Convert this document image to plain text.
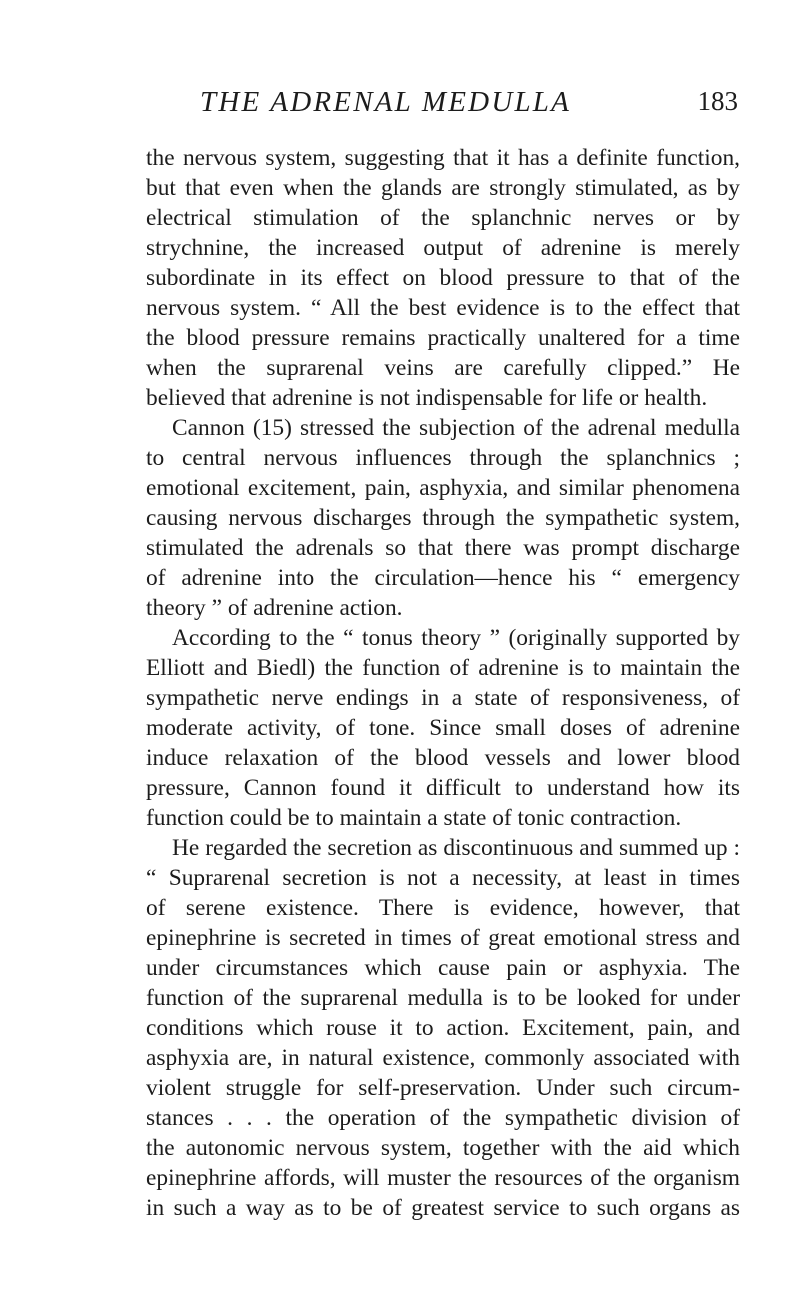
THE ADRENAL MEDULLA	183
the nervous system, suggesting that it has a definite function,
but that even when the glands are strongly stimulated, as by
electrical stimulation of the splanchnic nerves or by
strychnine, the increased output of adrenine is merely
subordinate in its effect on blood pressure to that of the
nervous system. “ All the best evidence is to the effect that
the blood pressure remains practically unaltered for a time
when the suprarenal veins are carefully clipped.” He
believed that adrenine is not indispensable for life or health.
Cannon (15) stressed the subjection of the adrenal medulla
to central nervous influences through the splanchnics ;
emotional excitement, pain, asphyxia, and similar phenomena
causing nervous discharges through the sympathetic system,
stimulated the adrenals so that there was prompt discharge
of adrenine into the circulation—hence his “ emergency
theory ” of adrenine action.
According to the “ tonus theory ” (originally supported by
Elliott and Biedl) the function of adrenine is to maintain the
sympathetic nerve endings in a state of responsiveness, of
moderate activity, of tone. Since small doses of adrenine
induce relaxation of the blood vessels and lower blood
pressure, Cannon found it difficult to understand how its
function could be to maintain a state of tonic contraction.
He regarded the secretion as discontinuous and summed up :
“ Suprarenal secretion is not a necessity, at least in times
of serene existence. There is evidence, however, that
epinephrine is secreted in times of great emotional stress and
under circumstances which cause pain or asphyxia. The
function of the suprarenal medulla is to be looked for under
conditions which rouse it to action. Excitement, pain, and
asphyxia are, in natural existence, commonly associated with
violent struggle for self-preservation. Under such circum-
stances . . . the operation of the sympathetic division of
the autonomic nervous system, together with the aid which
epinephrine affords, will muster the resources of the organism
in such a way as to be of greatest service to such organs as
